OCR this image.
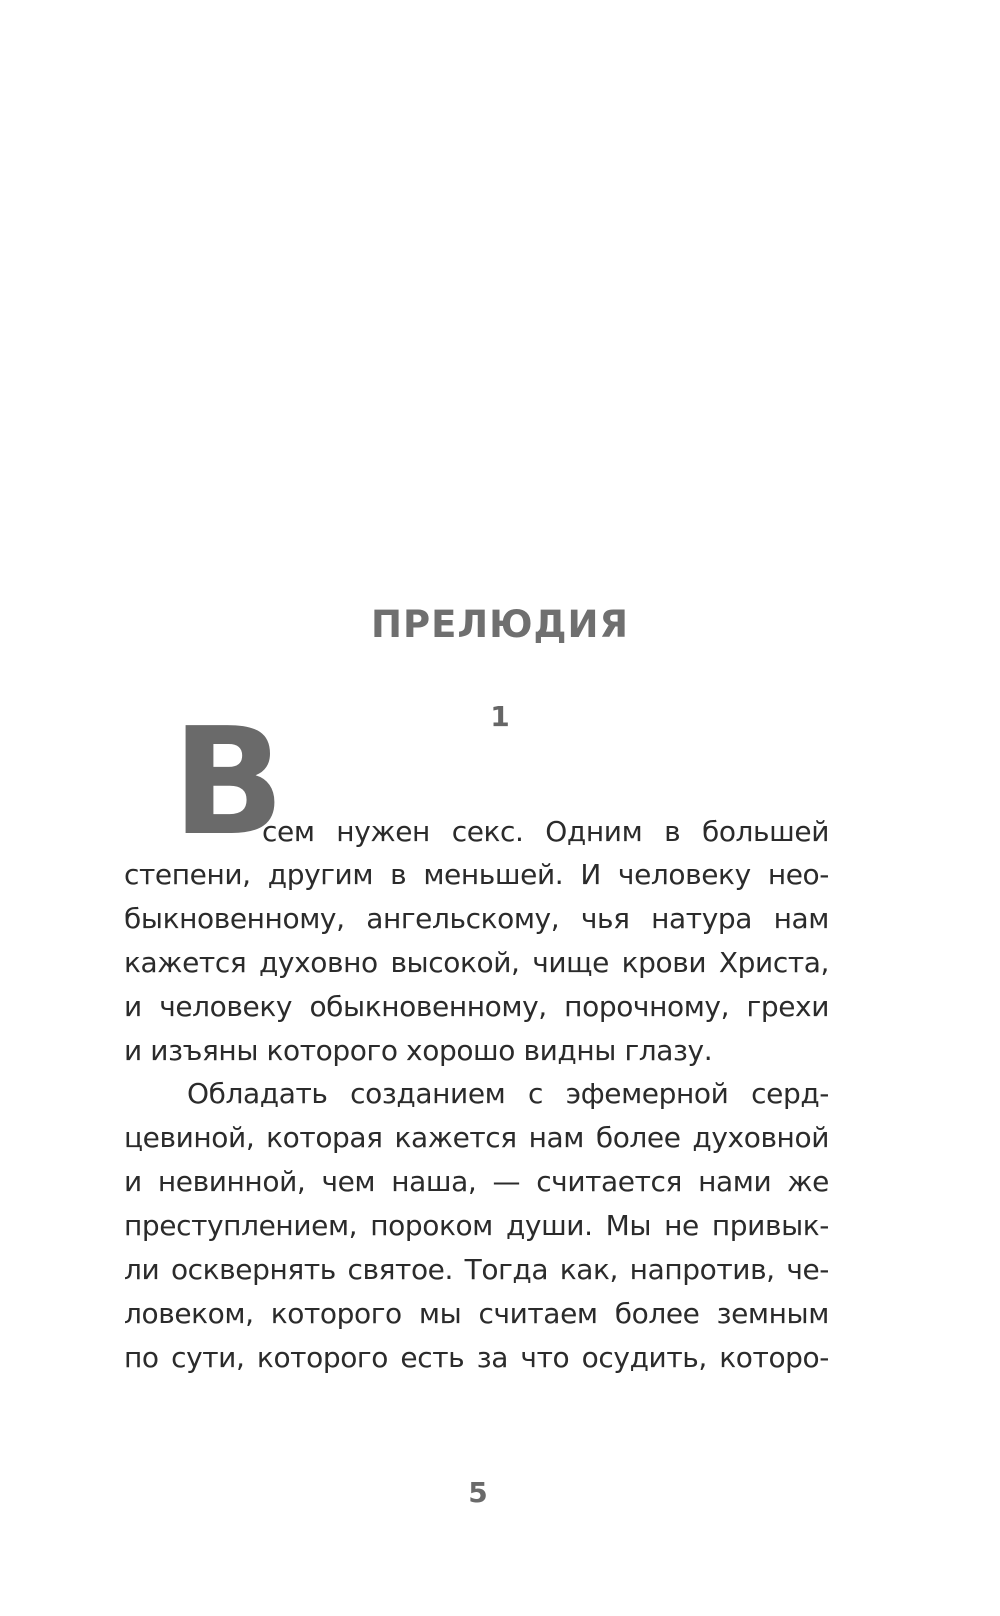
ПРЕЛЮДИЯ
1
В
сем нужен секс. Одним в большей
степени, другим в меньшей. И человеку нео-
быкновенному, ангельскому, чья натура нам
кажется духовно высокой, чище крови Христа,
и человеку обыкновенному, порочному, грехи
и изъяны которого хорошо видны глазу.
Обладать созданием с эфемерной серд-
цевиной, которая кажется нам более духовной
и невинной, чем наша, — считается нами же
преступлением, пороком души. Мы не привык-
ли осквернять святое. Тогда как, напротив, че-
ловеком, которого мы считаем более земным
по сути, которого есть за что осудить, которо-
5
